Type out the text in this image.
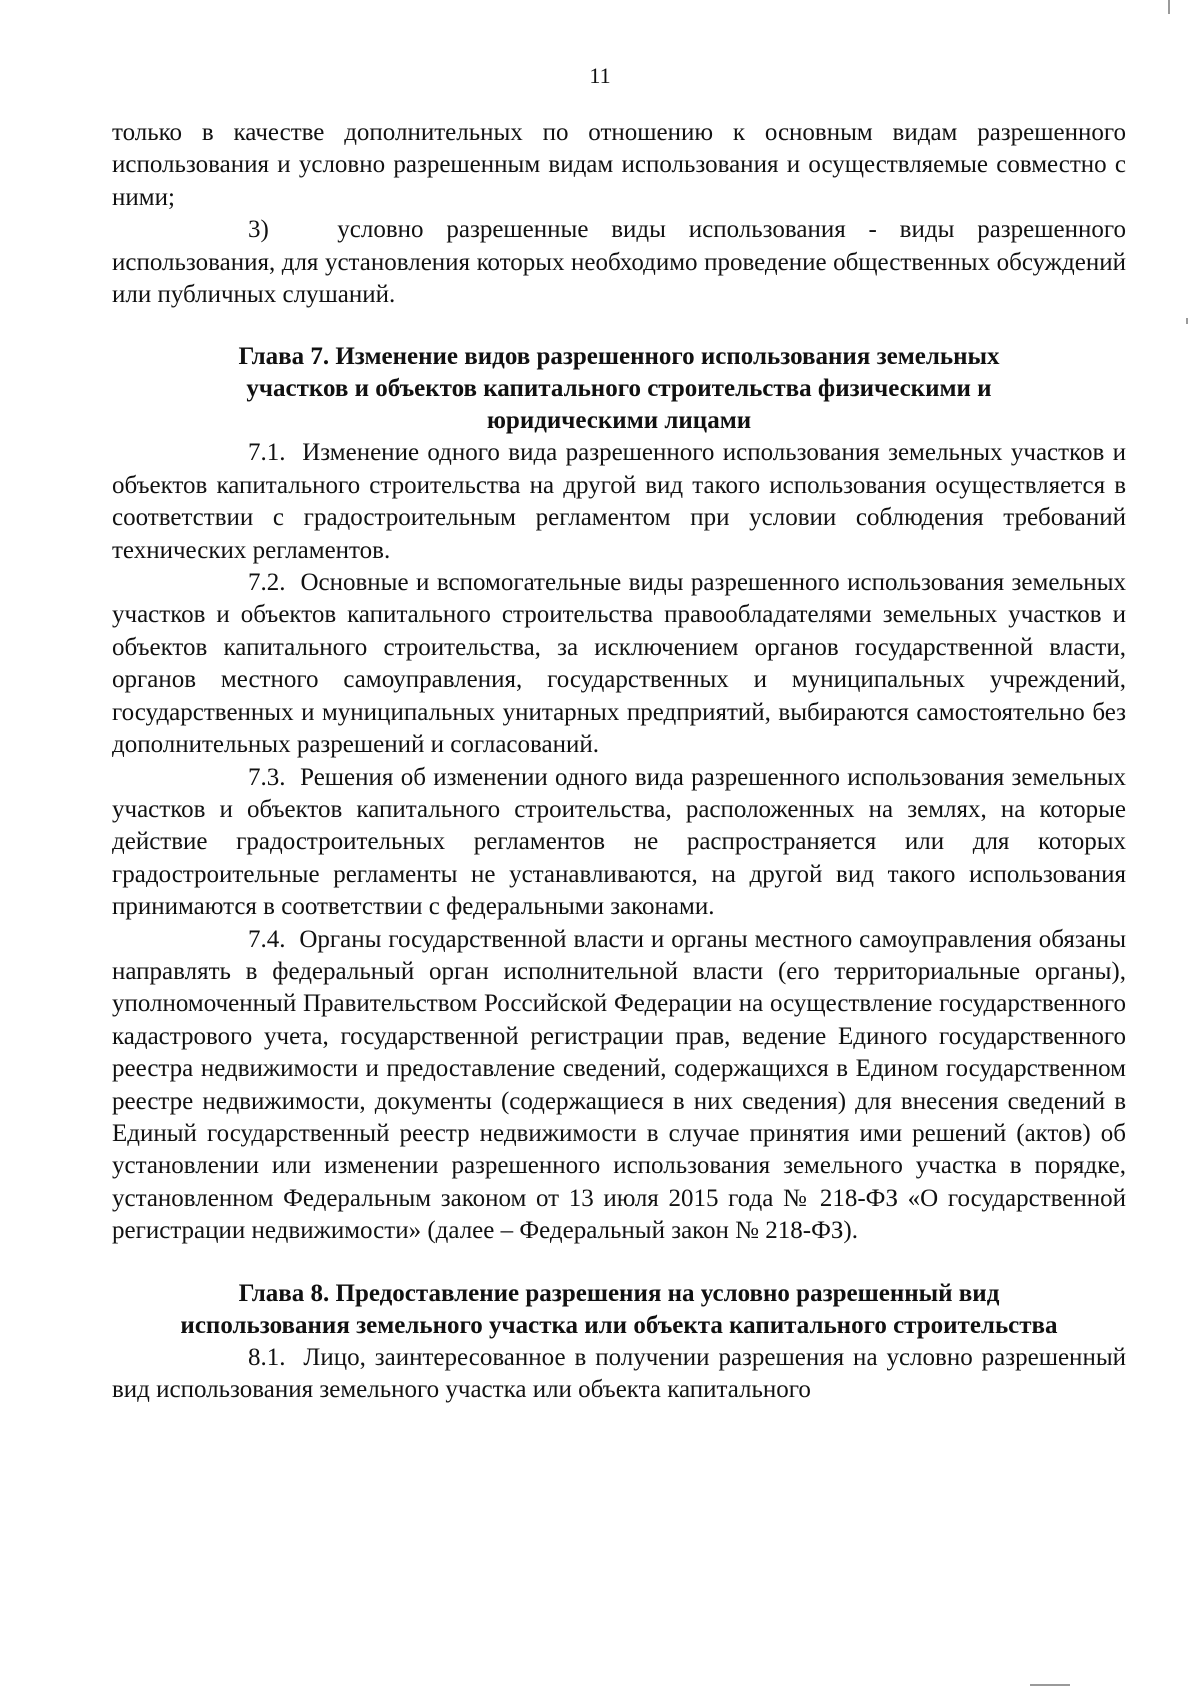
11

только в качестве дополнительных по отношению к основным видам разрешенного использования и условно разрешенным видам использования и осуществляемые совместно с ними;

3)	условно разрешенные виды использования - виды разрешенного использования, для установления которых необходимо проведение общественных обсуждений или публичных слушаний.

Глава 7. Изменение видов разрешенного использования земельных
участков и объектов капитального строительства физическими и
юридическими лицами

7.1. Изменение одного вида разрешенного использования земельных участков и объектов капитального строительства на другой вид такого использования осуществляется в соответствии с градостроительным регламентом при условии соблюдения требований технических регламентов.

7.2. Основные и вспомогательные виды разрешенного использования земельных участков и объектов капитального строительства правообладателями земельных участков и объектов капитального строительства, за исключением органов государственной власти, органов местного самоуправления, государственных и муниципальных учреждений, государственных и муниципальных унитарных предприятий, выбираются самостоятельно без дополнительных разрешений и согласований.

7.3. Решения об изменении одного вида разрешенного использования земельных участков и объектов капитального строительства, расположенных на землях, на которые действие градостроительных регламентов не распространяется или для которых градостроительные регламенты не устанавливаются, на другой вид такого использования принимаются в соответствии с федеральными законами.

7.4. Органы государственной власти и органы местного самоуправления обязаны направлять в федеральный орган исполнительной власти (его территориальные органы), уполномоченный Правительством Российской Федерации на осуществление государственного кадастрового учета, государственной регистрации прав, ведение Единого государственного реестра недвижимости и предоставление сведений, содержащихся в Едином государственном реестре недвижимости, документы (содержащиеся в них сведения) для внесения сведений в Единый государственный реестр недвижимости в случае принятия ими решений (актов) об установлении или изменении разрешенного использования земельного участка в порядке, установленном Федеральным законом от 13 июля 2015 года № 218-ФЗ «О государственной регистрации недвижимости» (далее – Федеральный закон № 218-ФЗ).

Глава 8. Предоставление разрешения на условно разрешенный вид
использования земельного участка или объекта капитального строительства

8.1. Лицо, заинтересованное в получении разрешения на условно разрешенный вид использования земельного участка или объекта капитального
